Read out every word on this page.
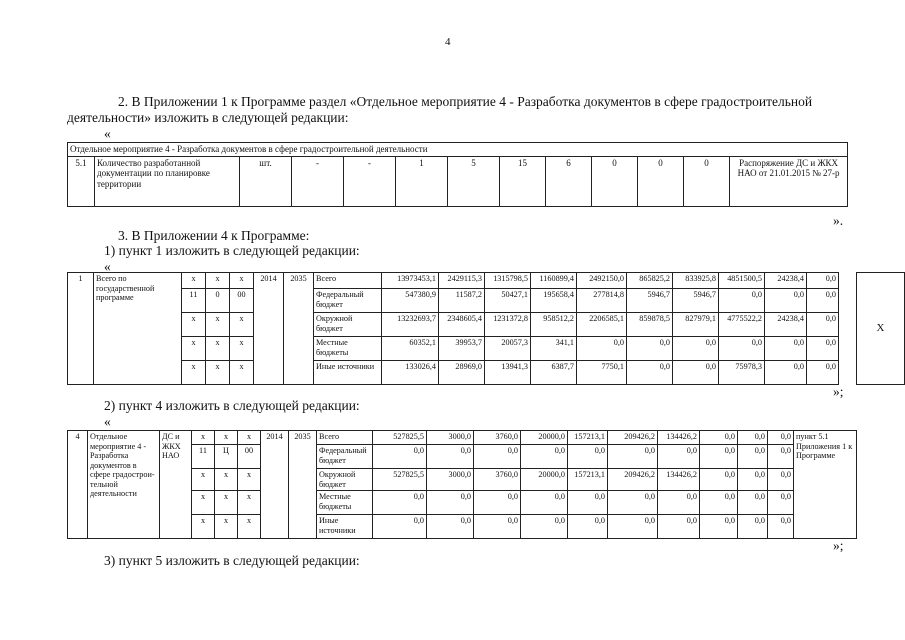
4
2. В Приложении 1 к Программе раздел «Отдельное мероприятие 4 - Разработка документов в сфере градостроительной
деятельности» изложить в следующей редакции:
«
Отдельное мероприятие 4 - Разработка документов в сфере градостроительной деятельности
5.1	Количество разработанной документации по планировке территории	шт.	-	-	1	5	15	6	0	0	0	Распоряжение ДС и ЖКХ НАО от 21.01.2015 № 27-р
».
3. В Приложении 4 к Программе:
1) пункт 1 изложить в следующей редакции:
«
1	Всего по государственной программе	x	x	x	2014	2035	Всего	13973453,1	2429115,3	1315798,5	1160899,4	2492150,0	865825,2	833925,8	4851500,5	24238,4	0,0		Х
		11	0	00			Федеральный бюджет	547380,9	11587,2	50427,1	195658,4	277814,8	5946,7	5946,7	0,0	0,0	0,0		
		x	x	x			Окружной бюджет	13232693,7	2348605,4	1231372,8	958512,2	2206585,1	859878,5	827979,1	4775522,2	24238,4	0,0		
		x	x	x			Местные бюджеты	60352,1	39953,7	20057,3	341,1	0,0	0,0	0,0	0,0	0,0	0,0		
		x	x	x			Иные источники	133026,4	28969,0	13941,3	6387,7	7750,1	0,0	0,0	75978,3	0,0	0,0		
»;
2) пункт 4 изложить в следующей редакции:
«
4	Отдельное мероприятие 4 - Разработка документов в сфере градострои-тельной деятельности	ДС и ЖКХ НАО	x	x	x	2014	2035	Всего	527825,5	3000,0	3760,0	20000,0	157213,1	209426,2	134426,2	0,0	0,0	0,0	пункт 5.1 Приложения 1 к Программе
			11	Ц	00			Федеральный бюджет	0,0	0,0	0,0	0,0	0,0	0,0	0,0	0,0	0,0	0,0	
			x	x	x			Окружной бюджет	527825,5	3000,0	3760,0	20000,0	157213,1	209426,2	134426,2	0,0	0,0	0,0	
			x	x	x			Местные бюджеты	0,0	0,0	0,0	0,0	0,0	0,0	0,0	0,0	0,0	0,0	
			x	x	x			Иные источники	0,0	0,0	0,0	0,0	0,0	0,0	0,0	0,0	0,0	0,0	
»;
3) пункт 5 изложить в следующей редакции:
